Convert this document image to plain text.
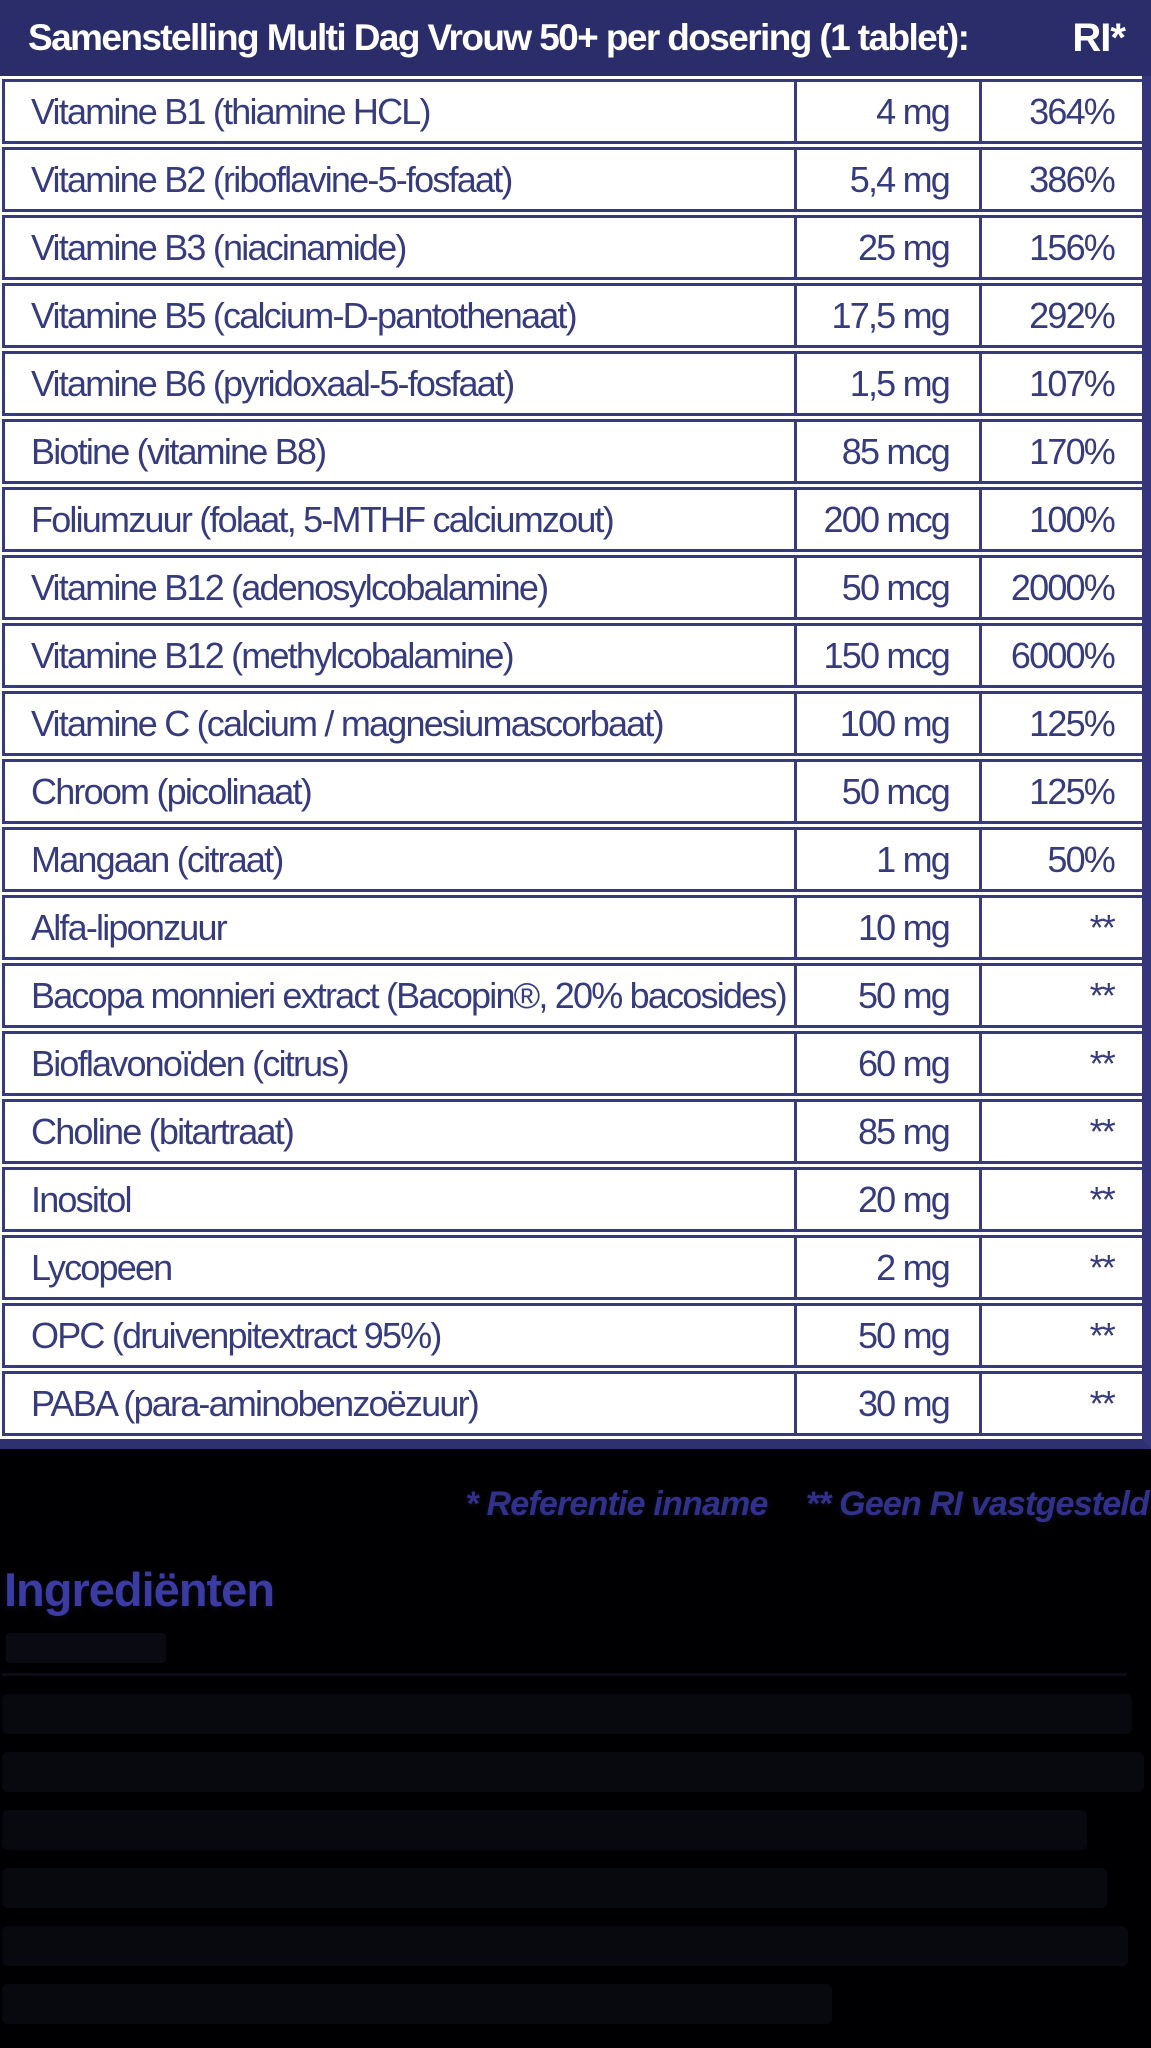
Samenstelling Multi Dag Vrouw 50+ per dosering (1 tablet):	RI*
Vitamine B1 (thiamine HCL)	4 mg	364%
Vitamine B2 (riboflavine-5-fosfaat)	5,4 mg	386%
Vitamine B3 (niacinamide)	25 mg	156%
Vitamine B5 (calcium-D-pantothenaat)	17,5 mg	292%
Vitamine B6 (pyridoxaal-5-fosfaat)	1,5 mg	107%
Biotine (vitamine B8)	85 mcg	170%
Foliumzuur (folaat, 5-MTHF calciumzout)	200 mcg	100%
Vitamine B12 (adenosylcobalamine)	50 mcg	2000%
Vitamine B12 (methylcobalamine)	150 mcg	6000%
Vitamine C (calcium / magnesiumascorbaat)	100 mg	125%
Chroom (picolinaat)	50 mcg	125%
Mangaan (citraat)	1 mg	50%
Alfa-liponzuur	10 mg	**
Bacopa monnieri extract (Bacopin®, 20% bacosides)	50 mg	**
Bioflavonoïden (citrus)	60 mg	**
Choline (bitartraat)	85 mg	**
Inositol	20 mg	**
Lycopeen	2 mg	**
OPC (druivenpitextract 95%)	50 mg	**
PABA (para-aminobenzoëzuur)	30 mg	**
* Referentie inname ** Geen RI vastgesteld
Ingrediënten
